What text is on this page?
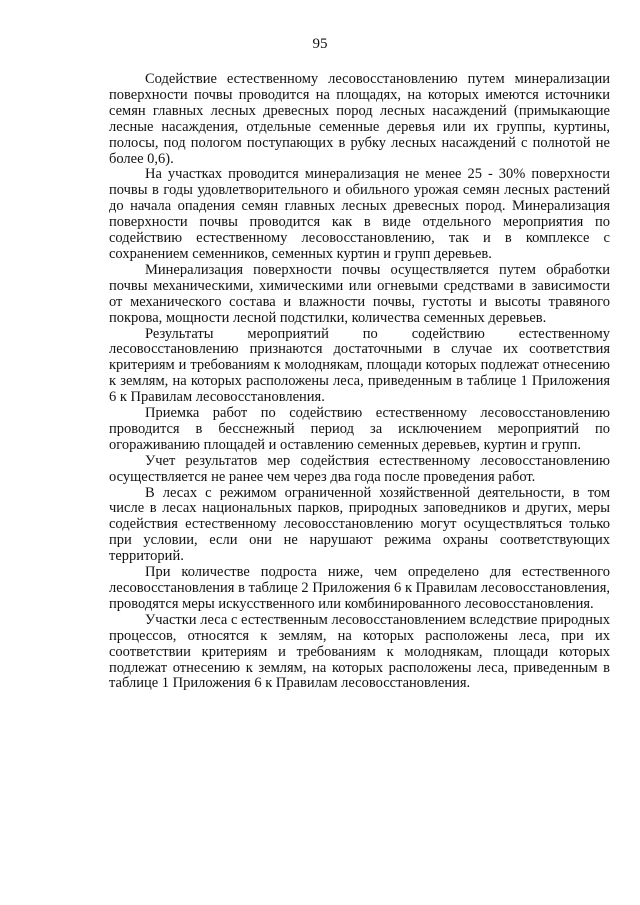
95

Содействие естественному лесовосстановлению путем минерализации поверхности почвы проводится на площадях, на которых имеются источники семян главных лесных древесных пород лесных насаждений (примыкающие лесные насаждения, отдельные семенные деревья или их группы, куртины, полосы, под пологом поступающих в рубку лесных насаждений с полнотой не более 0,6).

На участках проводится минерализация не менее 25 - 30% поверхности почвы в годы удовлетворительного и обильного урожая семян лесных растений до начала опадения семян главных лесных древесных пород. Минерализация поверхности почвы проводится как в виде отдельного мероприятия по содействию естественному лесовосстановлению, так и в комплексе с сохранением семенников, семенных куртин и групп деревьев.

Минерализация поверхности почвы осуществляется путем обработки почвы механическими, химическими или огневыми средствами в зависимости от механического состава и влажности почвы, густоты и высоты травяного покрова, мощности лесной подстилки, количества семенных деревьев.

Результаты мероприятий по содействию естественному лесовосстановлению признаются достаточными в случае их соответствия критериям и требованиям к молоднякам, площади которых подлежат отнесению к землям, на которых расположены леса, приведенным в таблице 1 Приложения 6 к Правилам лесовосстановления.

Приемка работ по содействию естественному лесовосстановлению проводится в бесснежный период за исключением мероприятий по огораживанию площадей и оставлению семенных деревьев, куртин и групп.

Учет результатов мер содействия естественному лесовосстановлению осуществляется не ранее чем через два года после проведения работ.

В лесах с режимом ограниченной хозяйственной деятельности, в том числе в лесах национальных парков, природных заповедников и других, меры содействия естественному лесовосстановлению могут осуществляться только при условии, если они не нарушают режима охраны соответствующих территорий.

При количестве подроста ниже, чем определено для естественного лесовосстановления в таблице 2 Приложения 6 к Правилам лесовосстановления, проводятся меры искусственного или комбинированного лесовосстановления.

Участки леса с естественным лесовосстановлением вследствие природных процессов, относятся к землям, на которых расположены леса, при их соответствии критериям и требованиям к молоднякам, площади которых подлежат отнесению к землям, на которых расположены леса, приведенным в таблице 1 Приложения 6 к Правилам лесовосстановления.
